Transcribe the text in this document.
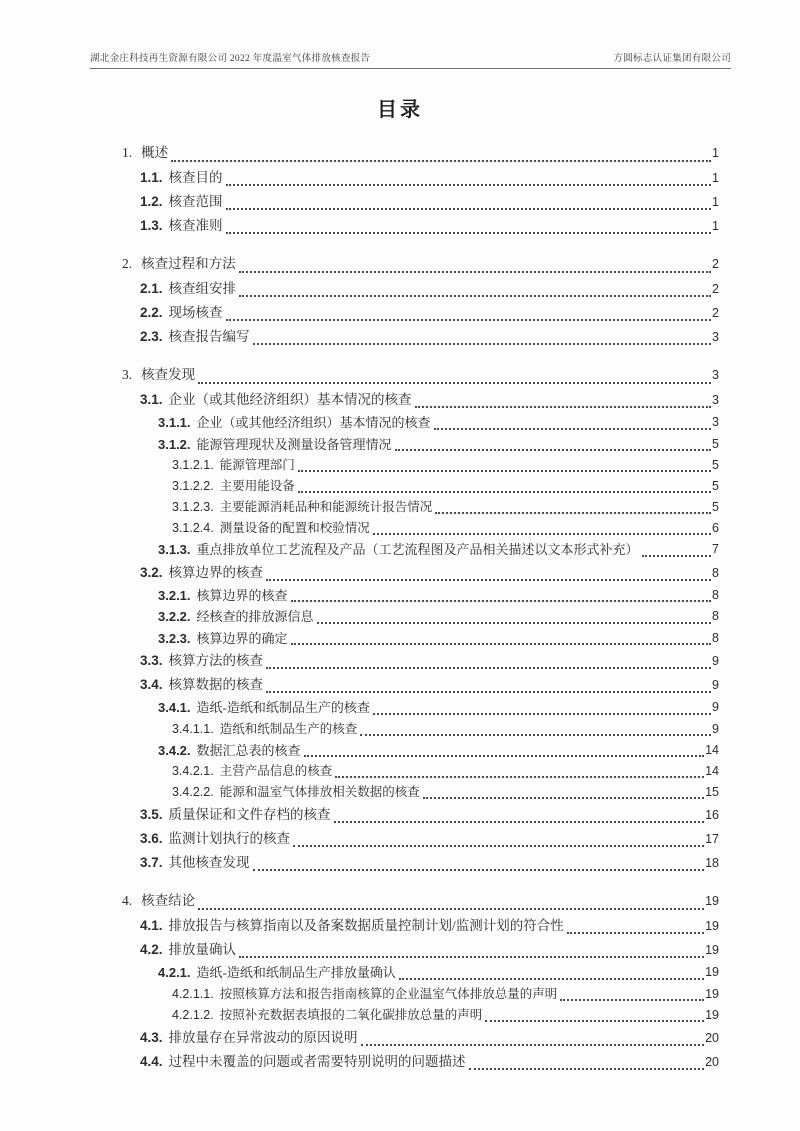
湖北金庄科技再生资源有限公司 2022 年度温室气体排放核查报告	方圆标志认证集团有限公司
目录
1. 概述	1
1.1. 核查目的	1
1.2. 核查范围	1
1.3. 核查准则	1
2. 核查过程和方法	2
2.1. 核查组安排	2
2.2. 现场核查	2
2.3. 核查报告编写	3
3. 核查发现	3
3.1. 企业（或其他经济组织）基本情况的核查	3
3.1.1. 企业（或其他经济组织）基本情况的核查	3
3.1.2. 能源管理现状及测量设备管理情况	5
3.1.2.1. 能源管理部门	5
3.1.2.2. 主要用能设备	5
3.1.2.3. 主要能源消耗品种和能源统计报告情况	5
3.1.2.4. 测量设备的配置和校验情况	6
3.1.3. 重点排放单位工艺流程及产品（工艺流程图及产品相关描述以文本形式补充）	7
3.2. 核算边界的核查	8
3.2.1. 核算边界的核查	8
3.2.2. 经核查的排放源信息	8
3.2.3. 核算边界的确定	8
3.3. 核算方法的核查	9
3.4. 核算数据的核查	9
3.4.1. 造纸-造纸和纸制品生产的核查	9
3.4.1.1. 造纸和纸制品生产的核查	9
3.4.2. 数据汇总表的核查	14
3.4.2.1. 主营产品信息的核查	14
3.4.2.2. 能源和温室气体排放相关数据的核查	15
3.5. 质量保证和文件存档的核查	16
3.6. 监测计划执行的核查	17
3.7. 其他核查发现	18
4. 核查结论	19
4.1. 排放报告与核算指南以及备案数据质量控制计划/监测计划的符合性	19
4.2. 排放量确认	19
4.2.1. 造纸-造纸和纸制品生产排放量确认	19
4.2.1.1. 按照核算方法和报告指南核算的企业温室气体排放总量的声明	19
4.2.1.2. 按照补充数据表填报的二氧化碳排放总量的声明	19
4.3. 排放量存在异常波动的原因说明	20
4.4. 过程中未覆盖的问题或者需要特别说明的问题描述	20
